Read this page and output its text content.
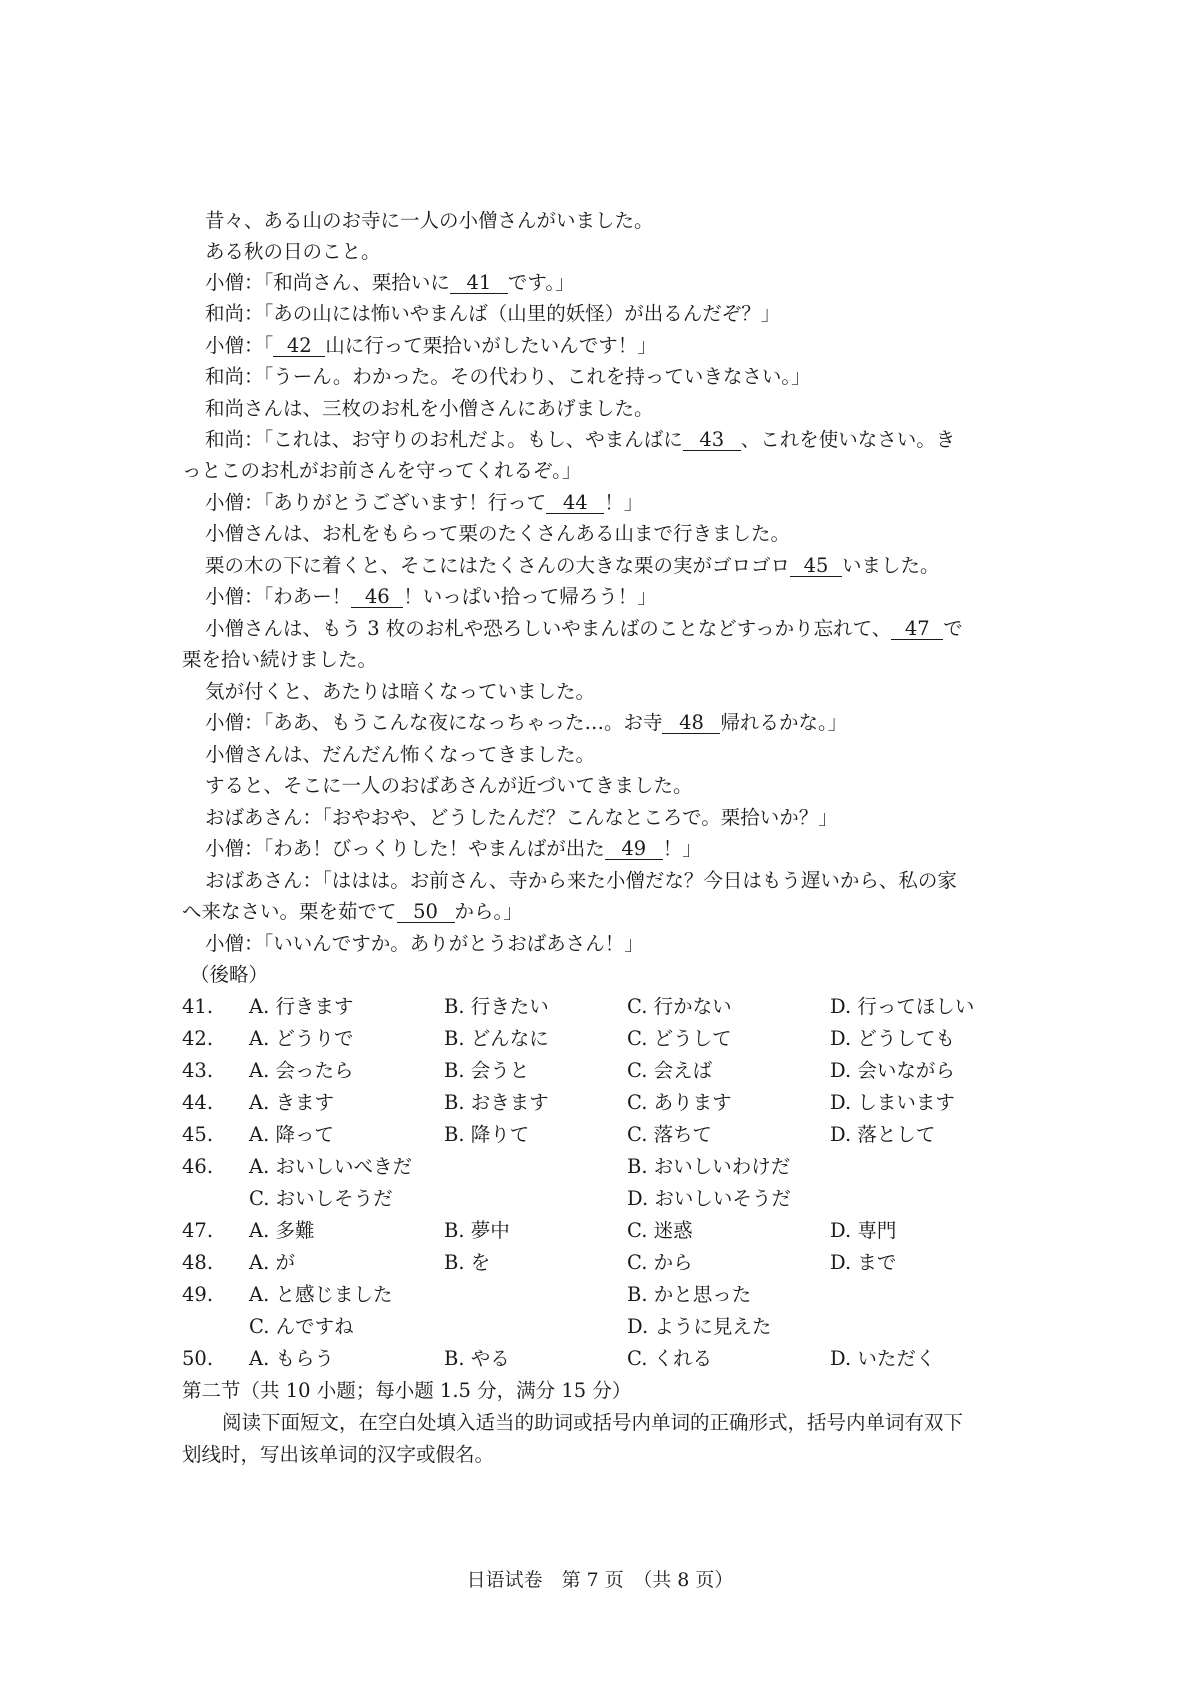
昔々、ある山のお寺に一人の小僧さんがいました。
ある秋の日のこと。
小僧：「和尚さん、栗拾いに 41 です。」
和尚：「あの山には怖いやまんば（山里的妖怪）が出るんだぞ？」
小僧：「 42 山に行って栗拾いがしたいんです！」
和尚：「うーん。わかった。その代わり、これを持っていきなさい。」
和尚さんは、三枚のお札を小僧さんにあげました。
和尚：「これは、お守りのお札だよ。もし、やまんばに 43 、これを使いなさい。き
っとこのお札がお前さんを守ってくれるぞ。」
小僧：「ありがとうございます！行って 44 ！」
小僧さんは、お札をもらって栗のたくさんある山まで行きました。
栗の木の下に着くと、そこにはたくさんの大きな栗の実がゴロゴロ 45 いました。
小僧：「わあー！ 46 ！いっぱい拾って帰ろう！」
小僧さんは、もう 3 枚のお札や恐ろしいやまんばのことなどすっかり忘れて、 47 で
栗を拾い続けました。
気が付くと、あたりは暗くなっていました。
小僧：「ああ、もうこんな夜になっちゃった…。お寺 48 帰れるかな。」
小僧さんは、だんだん怖くなってきました。
すると、そこに一人のおばあさんが近づいてきました。
おばあさん：「おやおや、どうしたんだ？こんなところで。栗拾いか？」
小僧：「わあ！びっくりした！やまんばが出た 49 ！」
おばあさん：「ははは。お前さん、寺から来た小僧だな？今日はもう遅いから、私の家
へ来なさい。栗を茹でて 50 から。」
小僧：「いいんですか。ありがとうおばあさん！」
（後略）
41. A. 行きます	B. 行きたい	C. 行かない	D. 行ってほしい
42. A. どうりで	B. どんなに	C. どうして	D. どうしても
43. A. 会ったら	B. 会うと	C. 会えば	D. 会いながら
44. A. きます	B. おきます	C. あります	D. しまいます
45. A. 降って	B. 降りて	C. 落ちて	D. 落として
46. A. おいしいべきだ	B. おいしいわけだ
C. おいしそうだ	D. おいしいそうだ
47. A. 多難	B. 夢中	C. 迷惑	D. 専門
48. A. が	B. を	C. から	D. まで
49. A. と感じました	B. かと思った
C. んですね	D. ように見えた
50. A. もらう	B. やる	C. くれる	D. いただく
第二节（共 10 小题；每小题 1.5 分，满分 15 分）
阅读下面短文，在空白处填入适当的助词或括号内单词的正确形式，括号内单词有双下
划线时，写出该单词的汉字或假名。
日语试卷　第 7 页　（共 8 页）
